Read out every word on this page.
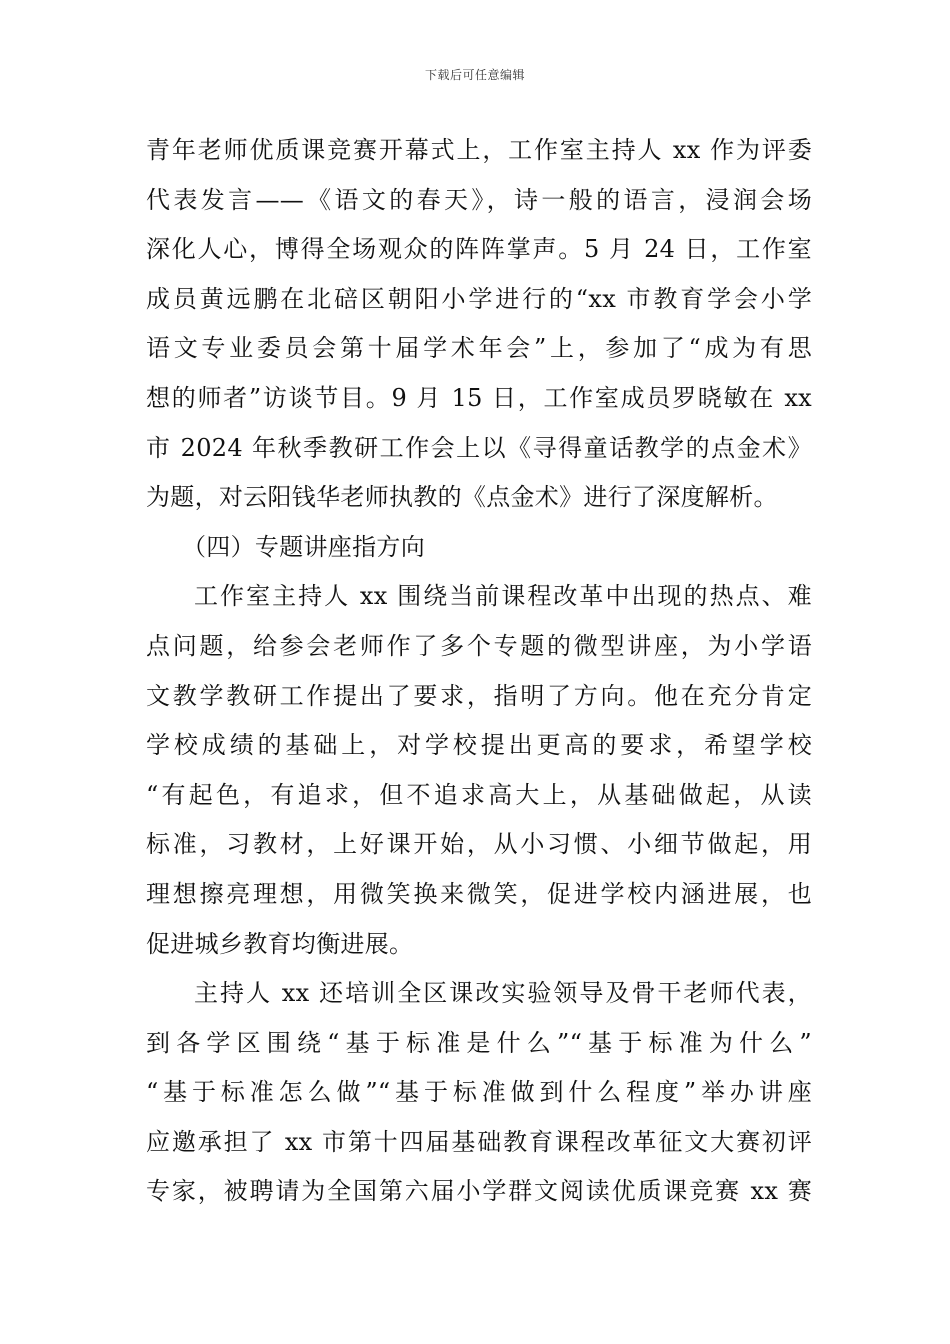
下载后可任意编辑
青年老师优质课竞赛开幕式上，工作室主持人 xx 作为评委
代表发言——《语文的春天》，诗一般的语言，浸润会场
深化人心，博得全场观众的阵阵掌声。5 月 24 日，工作室
成员黄远鹏在北碚区朝阳小学进行的“xx 市教育学会小学
语文专业委员会第十届学术年会”上，参加了“成为有思
想的师者”访谈节目。9 月 15 日，工作室成员罗晓敏在 xx
市 2024 年秋季教研工作会上以《寻得童话教学的点金术》
为题，对云阳钱华老师执教的《点金术》进行了深度解析。
（四）专题讲座指方向
工作室主持人 xx 围绕当前课程改革中出现的热点、难
点问题，给参会老师作了多个专题的微型讲座，为小学语
文教学教研工作提出了要求，指明了方向。他在充分肯定
学校成绩的基础上，对学校提出更高的要求，希望学校
“有起色，有追求，但不追求高大上，从基础做起，从读
标准，习教材，上好课开始，从小习惯、小细节做起，用
理想擦亮理想，用微笑换来微笑，促进学校内涵进展，也
促进城乡教育均衡进展。
主持人 xx 还培训全区课改实验领导及骨干老师代表，
到各学区围绕“基于标准是什么”“基于标准为什么”
“基于标准怎么做”“基于标准做到什么程度”举办讲座
应邀承担了 xx 市第十四届基础教育课程改革征文大赛初评
专家，被聘请为全国第六届小学群文阅读优质课竞赛 xx 赛
